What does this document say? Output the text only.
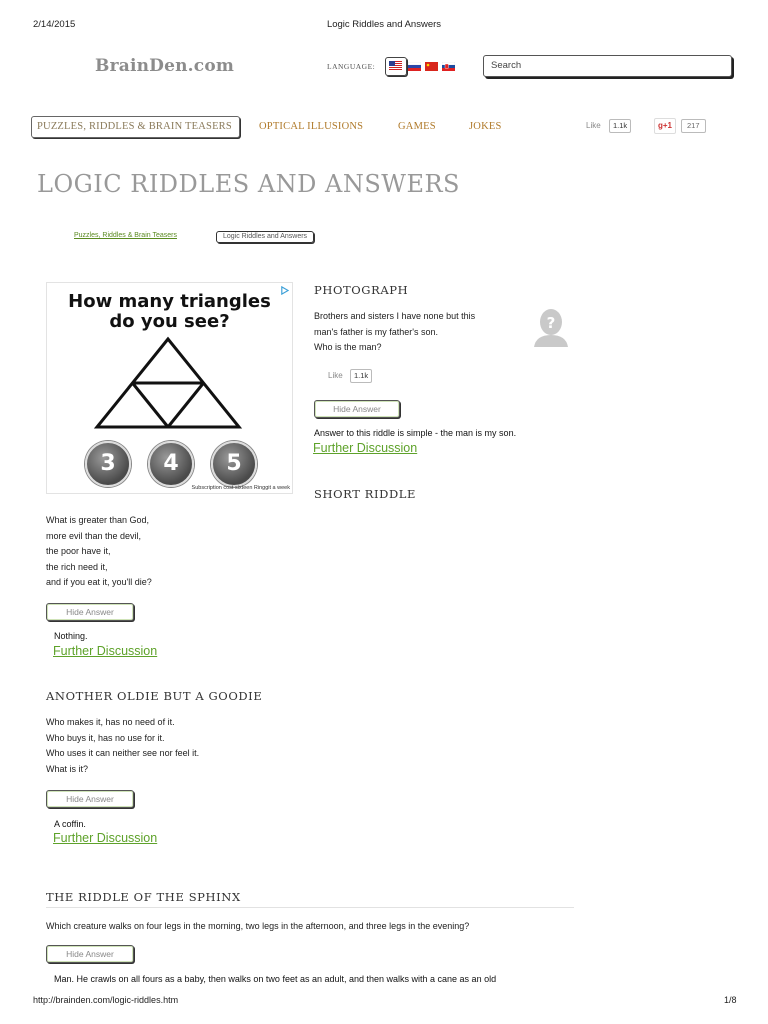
2/14/2015	Logic Riddles and Answers
BrainDen.com	LANGUAGE:	Search
PUZZLES, RIDDLES & BRAIN TEASERS	OPTICAL ILLUSIONS	GAMES	JOKES	Like	1.1k	g+1	217
LOGIC RIDDLES AND ANSWERS
Puzzles, Riddles & Brain Teasers	Logic Riddles and Answers
How many triangles
do you see?
3	4	5
Subscription cost sixteen Ringgit a week
PHOTOGRAPH
Brothers and sisters I have none but this
man's father is my father's son.
Who is the man?
?
Like	1.1k
Hide Answer
Answer to this riddle is simple - the man is my son.
Further Discussion
SHORT RIDDLE
What is greater than God,
more evil than the devil,
the poor have it,
the rich need it,
and if you eat it, you'll die?
Hide Answer
Nothing.
Further Discussion
ANOTHER OLDIE BUT A GOODIE
Who makes it, has no need of it.
Who buys it, has no use for it.
Who uses it can neither see nor feel it.
What is it?
Hide Answer
A coffin.
Further Discussion
THE RIDDLE OF THE SPHINX
Which creature walks on four legs in the morning, two legs in the afternoon, and three legs in the evening?
Hide Answer
Man. He crawls on all fours as a baby, then walks on two feet as an adult, and then walks with a cane as an old
http://brainden.com/logic-riddles.htm	1/8
